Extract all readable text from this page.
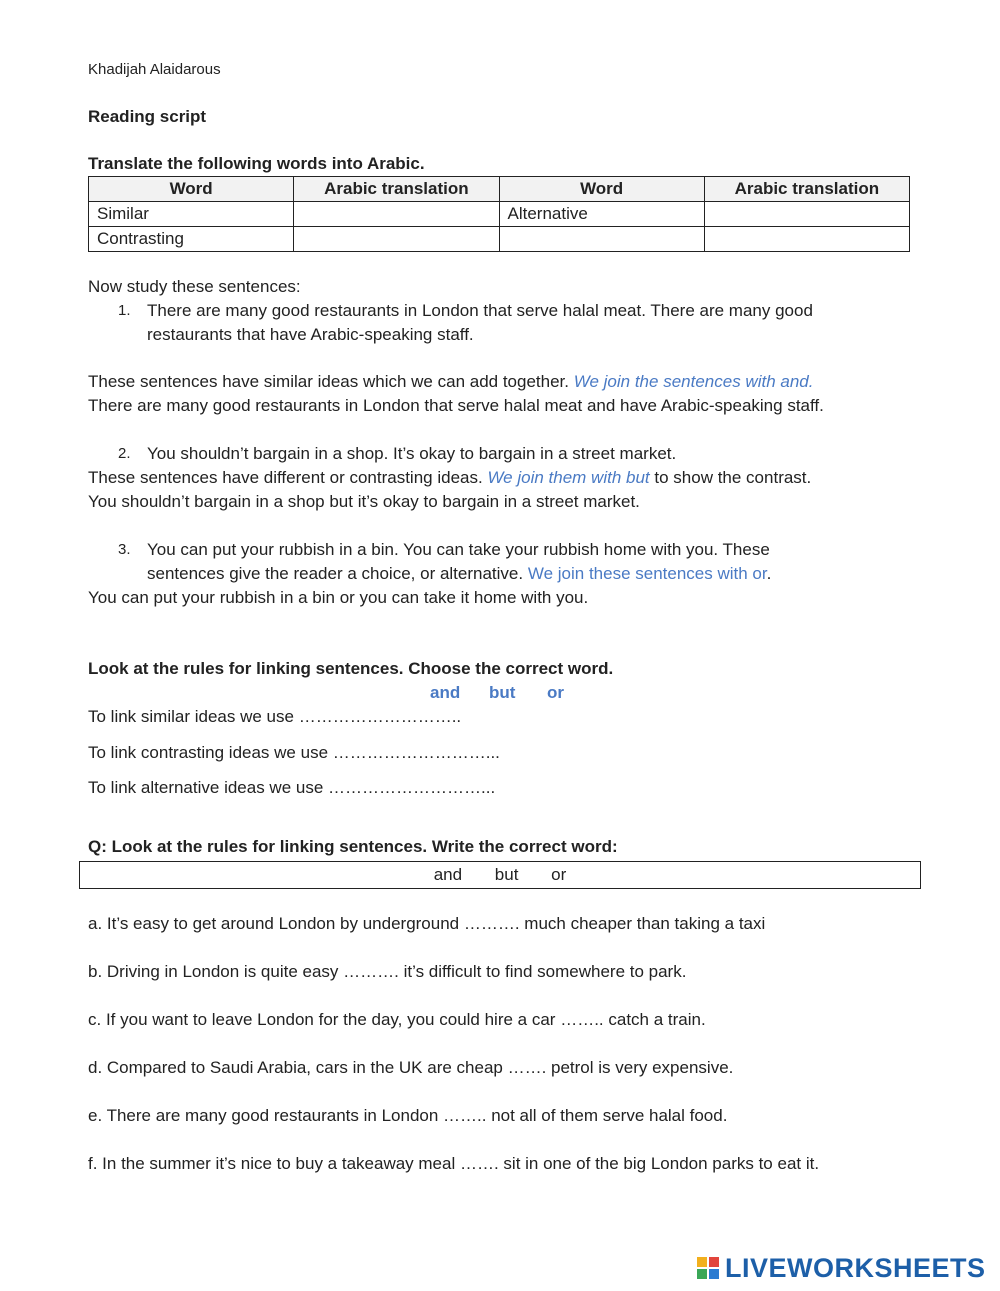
Khadijah Alaidarous
Reading script
Translate the following words into Arabic.
Word	Arabic translation	Word	Arabic translation
Similar		Alternative	
Contrasting			
Now study these sentences:
1. There are many good restaurants in London that serve halal meat. There are many good
restaurants that have Arabic-speaking staff.
These sentences have similar ideas which we can add together. We join the sentences with and.
There are many good restaurants in London that serve halal meat and have Arabic-speaking staff.
2. You shouldn’t bargain in a shop. It’s okay to bargain in a street market.
These sentences have different or contrasting ideas. We join them with but to show the contrast.
You shouldn’t bargain in a shop but it’s okay to bargain in a street market.
3. You can put your rubbish in a bin. You can take your rubbish home with you. These
sentences give the reader a choice, or alternative. We join these sentences with or.
You can put your rubbish in a bin or you can take it home with you.
Look at the rules for linking sentences. Choose the correct word.
and but or
To link similar ideas we use ………………………..
To link contrasting ideas we use ………………………...
To link alternative ideas we use ………………………...
Q: Look at the rules for linking sentences. Write the correct word:
and but or
a. It’s easy to get around London by underground ………. much cheaper than taking a taxi
b. Driving in London is quite easy ………. it’s difficult to find somewhere to park.
c. If you want to leave London for the day, you could hire a car …….. catch a train.
d. Compared to Saudi Arabia, cars in the UK are cheap ……. petrol is very expensive.
e. There are many good restaurants in London …….. not all of them serve halal food.
f. In the summer it’s nice to buy a takeaway meal ……. sit in one of the big London parks to eat it.
LIVEWORKSHEETS
